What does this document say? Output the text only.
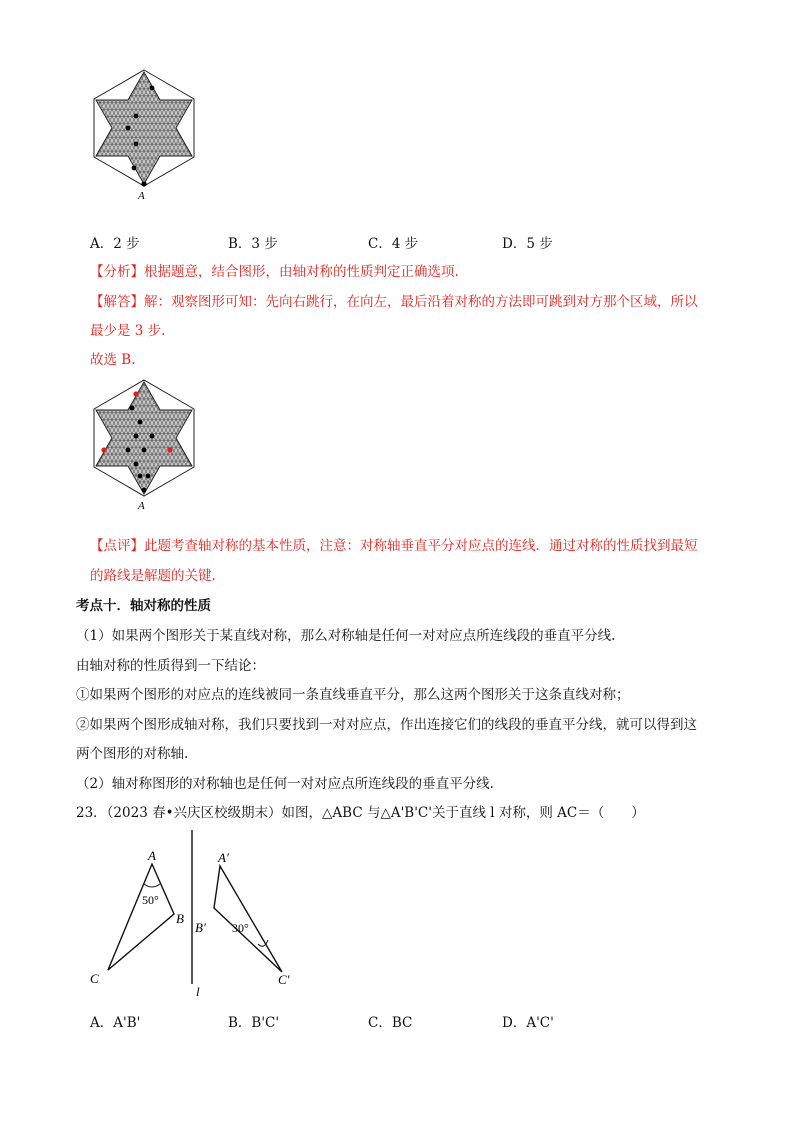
A
A．2 步	B．3 步	C．4 步	D．5 步
【分析】根据题意，结合图形，由轴对称的性质判定正确选项.
【解答】解：观察图形可知：先向右跳行，在向左，最后沿着对称的方法即可跳到对方那个区域，所以
最少是 3 步.
故选 B.
A
【点评】此题考查轴对称的基本性质，注意：对称轴垂直平分对应点的连线．通过对称的性质找到最短
的路线是解题的关键.
考点十．轴对称的性质
（1）如果两个图形关于某直线对称，那么对称轴是任何一对对应点所连线段的垂直平分线.
由轴对称的性质得到一下结论：
①如果两个图形的对应点的连线被同一条直线垂直平分，那么这两个图形关于这条直线对称；
②如果两个图形成轴对称，我们只要找到一对对应点，作出连接它们的线段的垂直平分线，就可以得到这
两个图形的对称轴.
（2）轴对称图形的对称轴也是任何一对对应点所连线段的垂直平分线.
23．（2023 春•兴庆区校级期末）如图，△ABC 与△A'B'C'关于直线 l 对称，则 AC＝（　　）
A
B
C
50°
A′
B′
C′
30°
l
A．A'B'	B．B'C'	C．BC	D．A'C'
